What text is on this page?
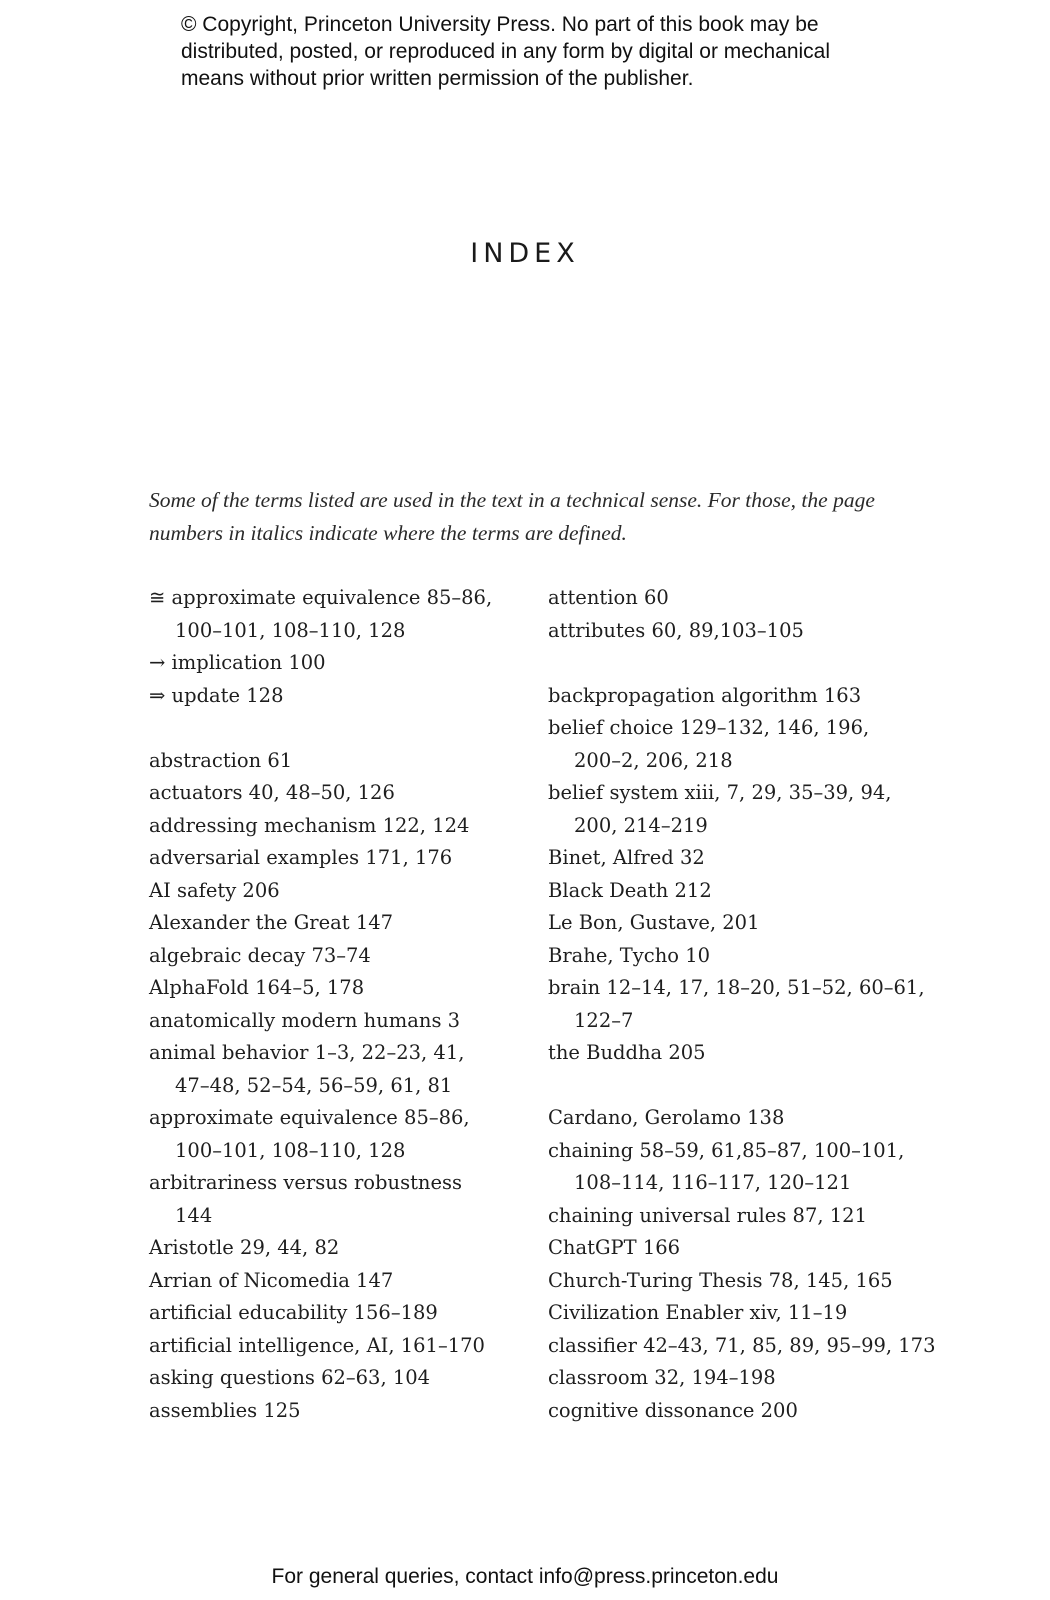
© Copyright, Princeton University Press. No part of this book may be
distributed, posted, or reproduced in any form by digital or mechanical
means without prior written permission of the publisher.
INDEX
Some of the terms listed are used in the text in a technical sense. For those, the page
numbers in italics indicate where the terms are defined.
≅ approximate equivalence 85–86,
100–101, 108–110, 128
→ implication 100
⇒ update 128
abstraction 61
actuators 40, 48–50, 126
addressing mechanism 122, 124
adversarial examples 171, 176
AI safety 206
Alexander the Great 147
algebraic decay 73–74
AlphaFold 164–5, 178
anatomically modern humans 3
animal behavior 1–3, 22–23, 41,
47–48, 52–54, 56–59, 61, 81
approximate equivalence 85–86,
100–101, 108–110, 128
arbitrariness versus robustness
144
Aristotle 29, 44, 82
Arrian of Nicomedia 147
artificial educability 156–189
artificial intelligence, AI, 161–170
asking questions 62–63, 104
assemblies 125
attention 60
attributes 60, 89,103–105
backpropagation algorithm 163
belief choice 129–132, 146, 196,
200–2, 206, 218
belief system xiii, 7, 29, 35–39, 94,
200, 214–219
Binet, Alfred 32
Black Death 212
Le Bon, Gustave, 201
Brahe, Tycho 10
brain 12–14, 17, 18–20, 51–52, 60–61,
122–7
the Buddha 205
Cardano, Gerolamo 138
chaining 58–59, 61,85–87, 100–101,
108–114, 116–117, 120–121
chaining universal rules 87, 121
ChatGPT 166
Church-Turing Thesis 78, 145, 165
Civilization Enabler xiv, 11–19
classifier 42–43, 71, 85, 89, 95–99, 173
classroom 32, 194–198
cognitive dissonance 200
For general queries, contact info@press.princeton.edu
